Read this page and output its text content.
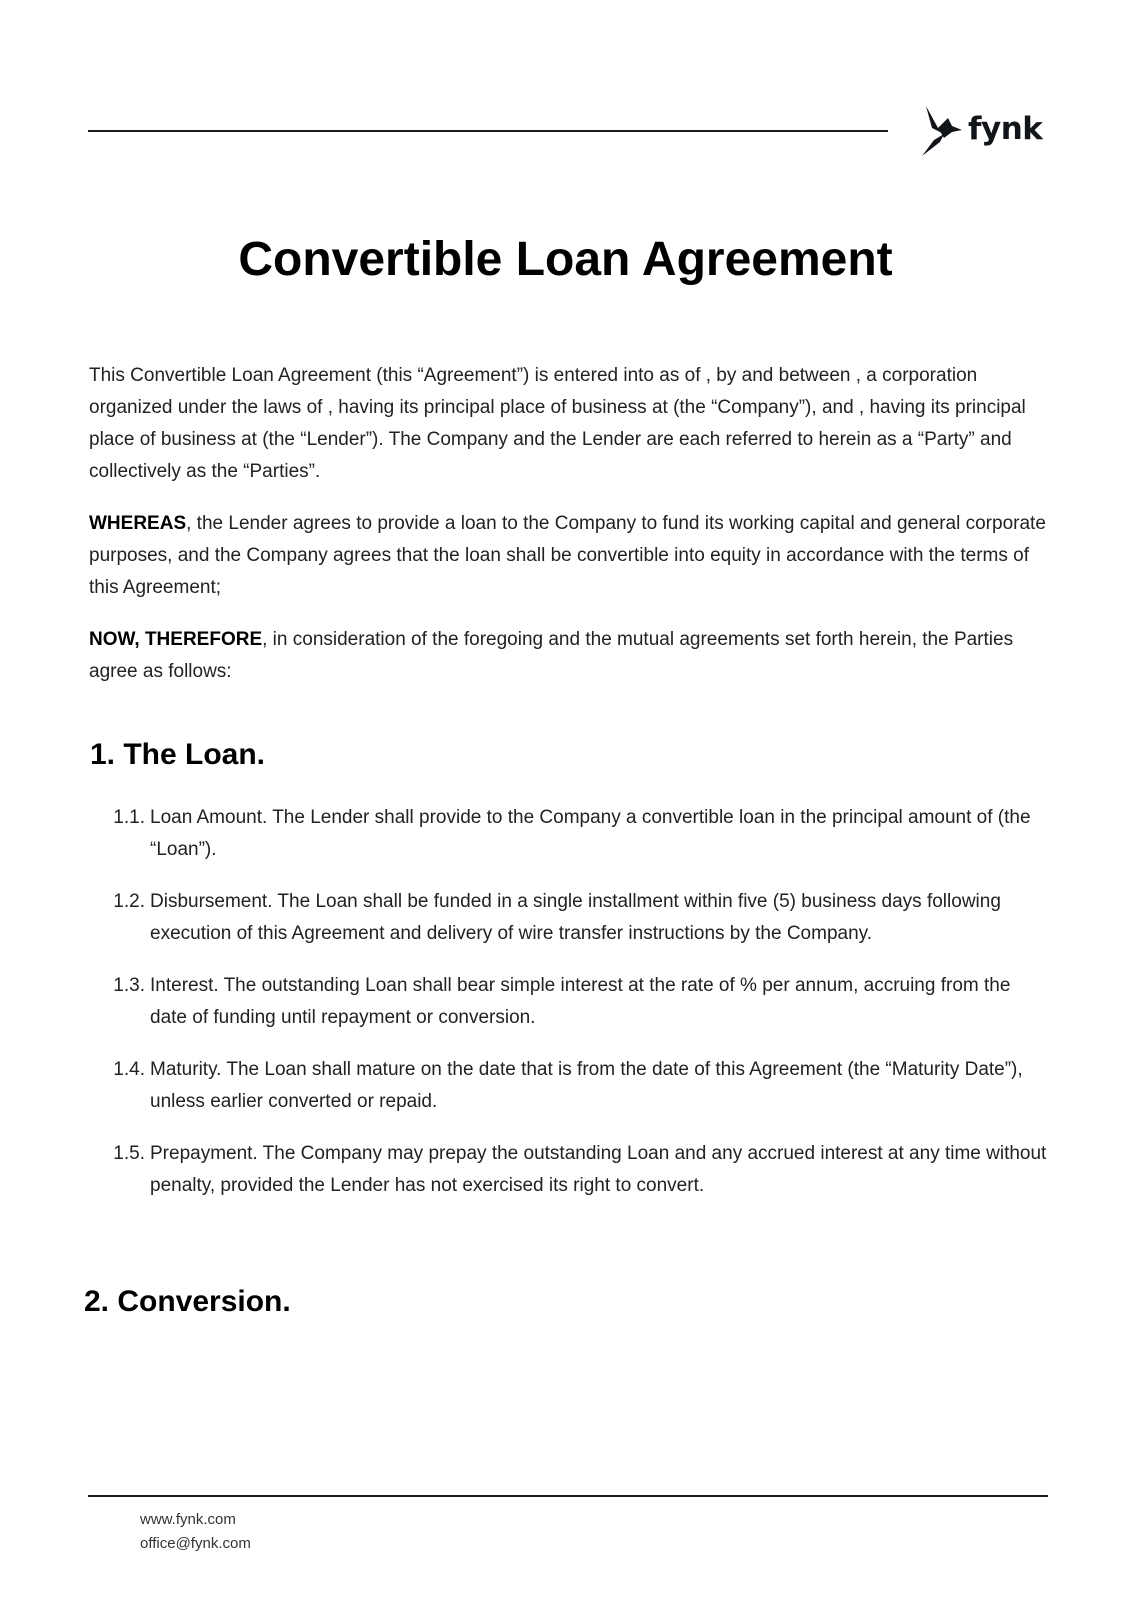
fynk
Convertible Loan Agreement

This Convertible Loan Agreement (this “Agreement”) is entered into as of , by and between , a corporation organized under the laws of , having its principal place of business at (the “Company”), and , having its principal place of business at (the “Lender”). The Company and the Lender are each referred to herein as a “Party” and collectively as the “Parties”.

WHEREAS, the Lender agrees to provide a loan to the Company to fund its working capital and general corporate purposes, and the Company agrees that the loan shall be convertible into equity in accordance with the terms of this Agreement;

NOW, THEREFORE, in consideration of the foregoing and the mutual agreements set forth herein, the Parties agree as follows:

1. The Loan.
1.1. Loan Amount. The Lender shall provide to the Company a convertible loan in the principal amount of (the “Loan”).
1.2. Disbursement. The Loan shall be funded in a single installment within five (5) business days following execution of this Agreement and delivery of wire transfer instructions by the Company.
1.3. Interest. The outstanding Loan shall bear simple interest at the rate of % per annum, accruing from the date of funding until repayment or conversion.
1.4. Maturity. The Loan shall mature on the date that is from the date of this Agreement (the “Maturity Date”), unless earlier converted or repaid.
1.5. Prepayment. The Company may prepay the outstanding Loan and any accrued interest at any time without penalty, provided the Lender has not exercised its right to convert.
2. Conversion.
www.fynk.com
office@fynk.com
